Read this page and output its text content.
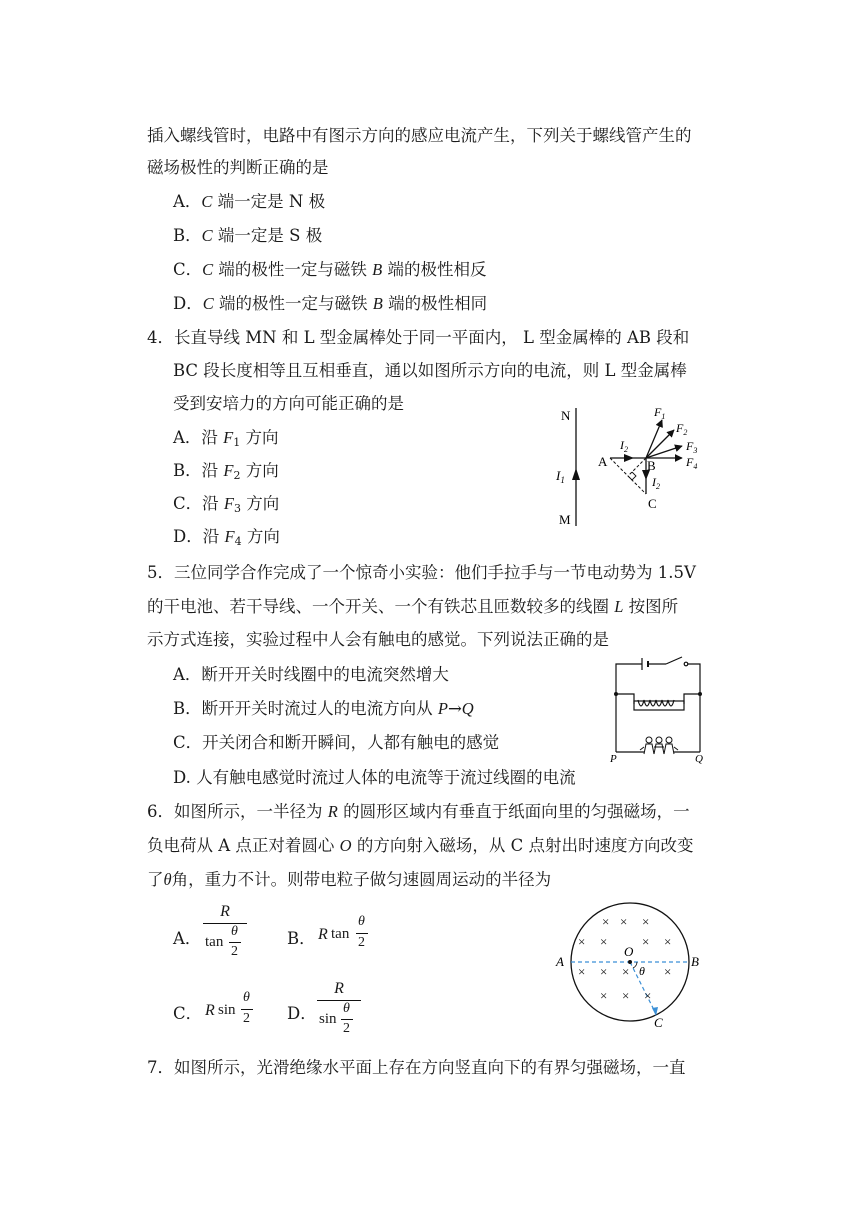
插入螺线管时，电路中有图示方向的感应电流产生，下列关于螺线管产生的
磁场极性的判断正确的是
A．C 端一定是 N 极
B．C 端一定是 S 极
C．C 端的极性一定与磁铁 B 端的极性相反
D．C 端的极性一定与磁铁 B 端的极性相同
4．长直导线 MN 和 L 型金属棒处于同一平面内， L 型金属棒的 AB 段和
BC 段长度相等且互相垂直，通以如图所示方向的电流，则 L 型金属棒
受到安培力的方向可能正确的是
A．沿 $F_1$ 方向
B．沿 $F_2$ 方向
C．沿 $F_3$ 方向
D．沿 $F_4$ 方向
N
M
$I_1$
A	B
C
$I_2$
$I_2$
$F_1$
$F_2$
$F_3$
$F_4$
5．三位同学合作完成了一个惊奇小实验：他们手拉手与一节电动势为 1.5V
的干电池、若干导线、一个开关、一个有铁芯且匝数较多的线圈 L 按图所
示方式连接，实验过程中人会有触电的感觉。下列说法正确的是
A．断开开关时线圈中的电流突然增大
B．断开开关时流过人的电流方向从 P→Q
C．开关闭合和断开瞬间，人都有触电的感觉
D. 人有触电感觉时流过人体的电流等于流过线圈的电流
P	Q
6．如图所示，一半径为 R 的圆形区域内有垂直于纸面向里的匀强磁场，一
负电荷从 A 点正对着圆心 O 的方向射入磁场，从 C 点射出时速度方向改变
了θ角，重力不计。则带电粒子做匀速圆周运动的半径为
A．
R
tan
θ
2
B． R tan
θ
2
C． R sin
θ
2 D．
R
sin
θ
2
× × ×
× ×	× ×
× × ×	×
× × ×
A	B
O
θ
C
7．如图所示，光滑绝缘水平面上存在方向竖直向下的有界匀强磁场，一直
